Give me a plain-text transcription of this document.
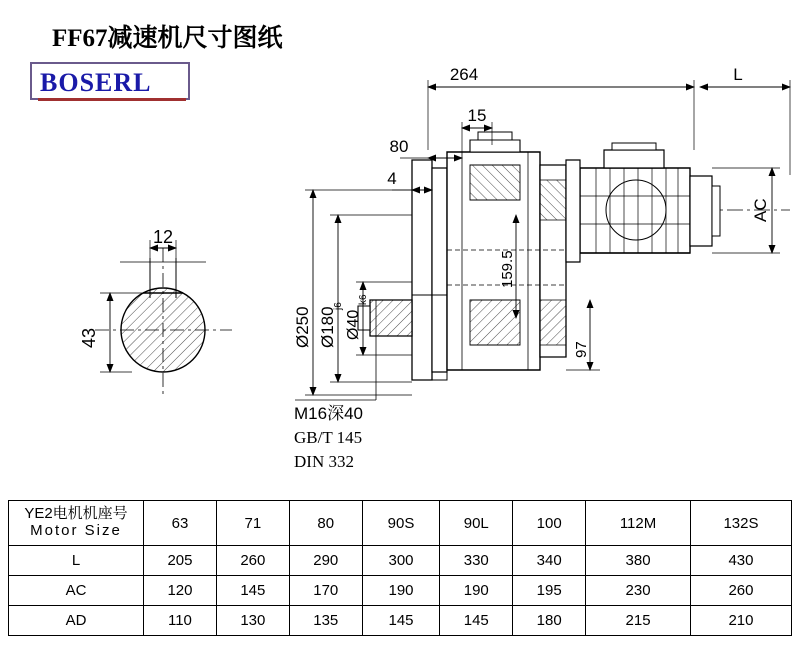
FF67减速机尺寸图纸
BOSERL	264	L
15
80
4
12
43
AC
159.5
97
Ø250 Ø180
j6
Ø40
k6
M16深40
GB/T 145
DIN 332
YE2电机机座号
Motor Size	63	71	80	90S	90L	100	112M	132S
L	205	260	290	300	330	340	380	430
AC	120	145	170	190	190	195	230	260
AD	110	130	135	145	145	180	215	210
